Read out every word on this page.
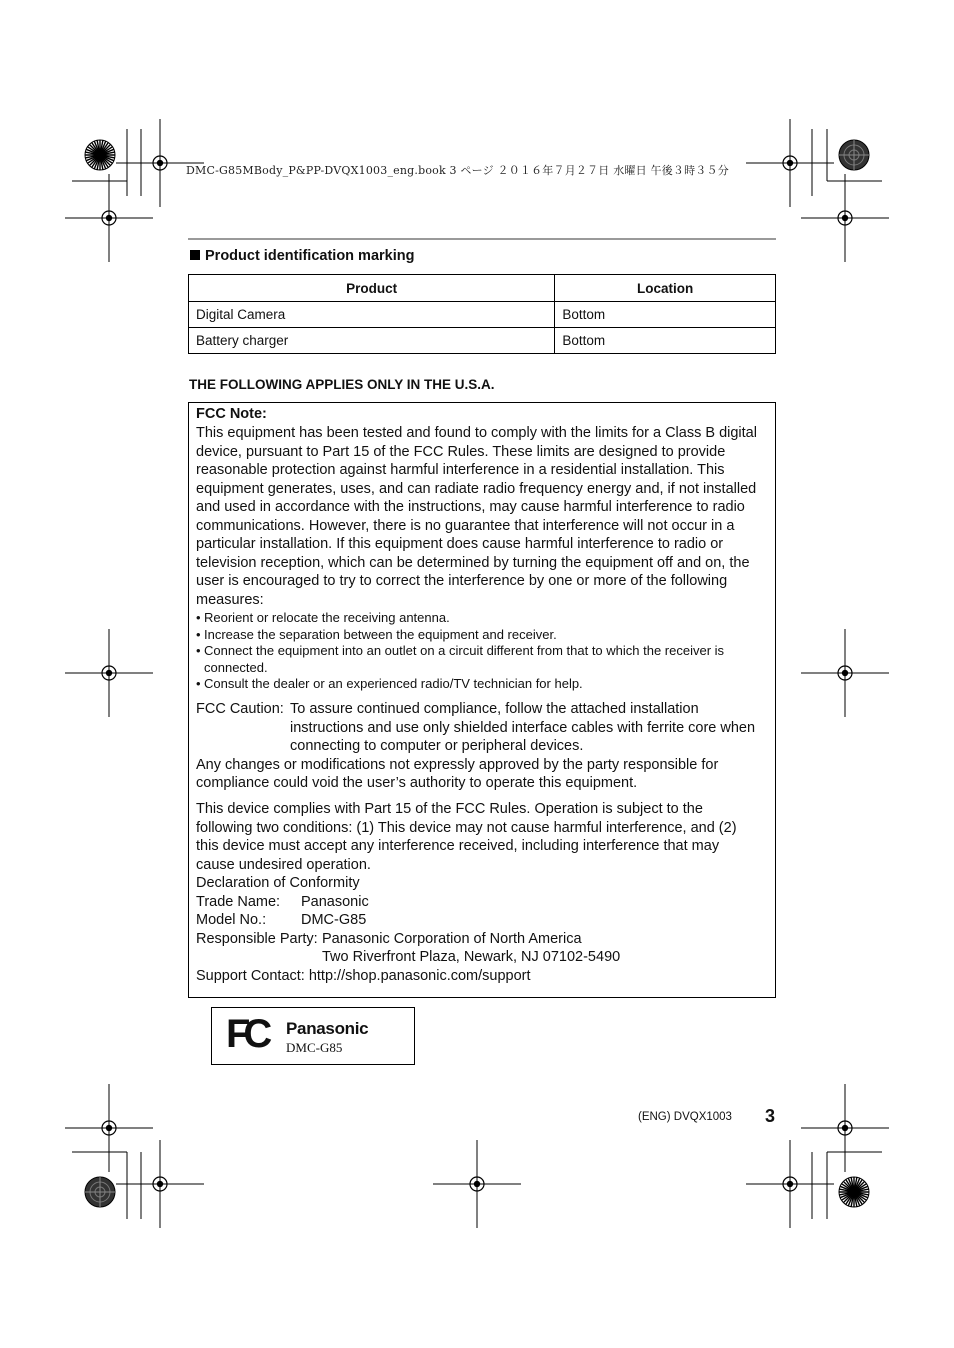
DMC-G85MBody_P&PP-DVQX1003_eng.book 3 ページ ２０１６年７月２７日 水曜日 午後３時３５分
Product identification marking
Product	Location
Digital Camera	Bottom
Battery charger	Bottom
THE FOLLOWING APPLIES ONLY IN THE U.S.A.
FCC Note:
This equipment has been tested and found to comply with the limits for a Class B digital
device, pursuant to Part 15 of the FCC Rules. These limits are designed to provide
reasonable protection against harmful interference in a residential installation. This
equipment generates, uses, and can radiate radio frequency energy and, if not installed
and used in accordance with the instructions, may cause harmful interference to radio
communications. However, there is no guarantee that interference will not occur in a
particular installation. If this equipment does cause harmful interference to radio or
television reception, which can be determined by turning the equipment off and on, the
user is encouraged to try to correct the interference by one or more of the following
measures:
• Reorient or relocate the receiving antenna.
• Increase the separation between the equipment and receiver.
• Connect the equipment into an outlet on a circuit different from that to which the receiver is
connected.
• Consult the dealer or an experienced radio/TV technician for help.
FCC Caution: To assure continued compliance, follow the attached installation
instructions and use only shielded interface cables with ferrite core when
connecting to computer or peripheral devices.
Any changes or modifications not expressly approved by the party responsible for
compliance could void the user’s authority to operate this equipment.
This device complies with Part 15 of the FCC Rules. Operation is subject to the
following two conditions: (1) This device may not cause harmful interference, and (2)
this device must accept any interference received, including interference that may
cause undesired operation.
Declaration of Conformity
Trade Name: Panasonic
Model No.: DMC-G85
Responsible Party: Panasonic Corporation of North America
Two Riverfront Plaza, Newark, NJ 07102-5490
Support Contact: http://shop.panasonic.com/support
FC Panasonic
DMC-G85
(ENG) DVQX1003 3
